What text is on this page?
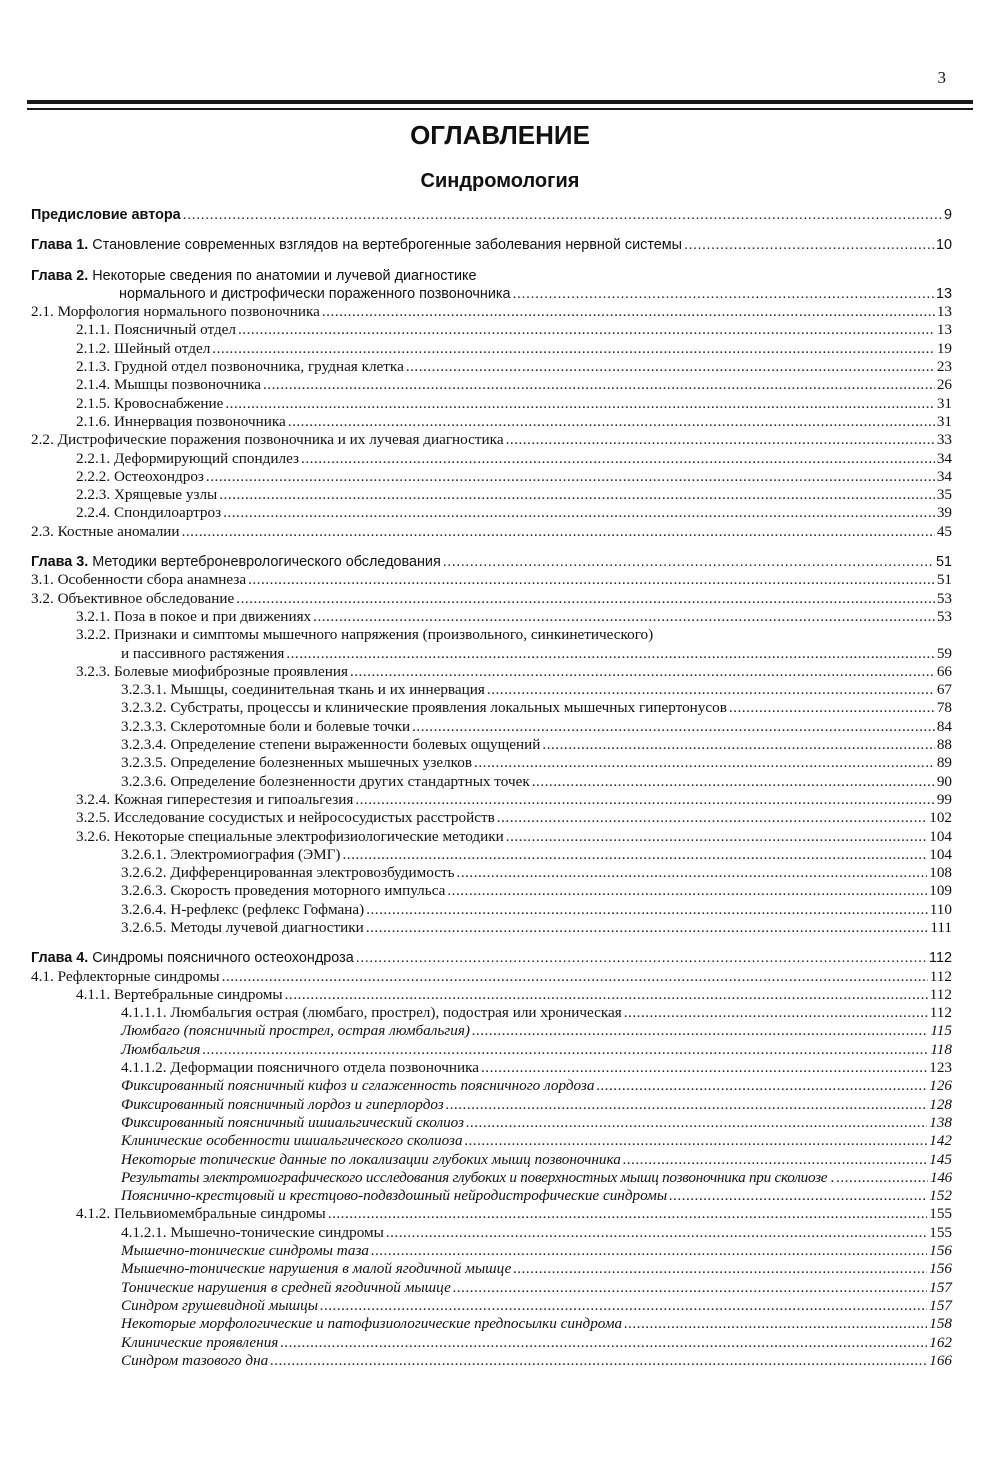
3
ОГЛАВЛЕНИЕ
Синдромология
Предисловие автора .....	9
Глава 1. Становление современных взглядов на вертеброгенные заболевания нервной системы .....	10
Глава 2. Некоторые сведения по анатомии и лучевой диагностике
нормального и дистрофически пораженного позвоночника .....	13
2.1. Морфология нормального позвоночника .....	13
2.1.1. Поясничный отдел .....	13
2.1.2. Шейный отдел .....	19
2.1.3. Грудной отдел позвоночника, грудная клетка .....	23
2.1.4. Мышцы позвоночника .....	26
2.1.5. Кровоснабжение .....	31
2.1.6. Иннервация позвоночника .....	31
2.2. Дистрофические поражения позвоночника и их лучевая диагностика .....	33
2.2.1. Деформирующий спондилез .....	34
2.2.2. Остеохондроз .....	34
2.2.3. Хрящевые узлы .....	35
2.2.4. Спондилоартроз .....	39
2.3. Костные аномалии .....	45
Глава 3. Методики вертеброневрологического обследования .....	51
3.1. Особенности сбора анамнеза .....	51
3.2. Объективное обследование .....	53
3.2.1. Поза в покое и при движениях .....	53
3.2.2. Признаки и симптомы мышечного напряжения (произвольного, синкинетического)
и пассивного растяжения .....	59
3.2.3. Болевые миофиброзные проявления .....	66
3.2.3.1. Мышцы, соединительная ткань и их иннервация .....	67
3.2.3.2. Субстраты, процессы и клинические проявления локальных мышечных гипертонусов .....	78
3.2.3.3. Склеротомные боли и болевые точки .....	84
3.2.3.4. Определение степени выраженности болевых ощущений .....	88
3.2.3.5. Определение болезненных мышечных узелков .....	89
3.2.3.6. Определение болезненности других стандартных точек .....	90
3.2.4. Кожная гиперестезия и гипоальгезия .....	99
3.2.5. Исследование сосудистых и нейрососудистых расстройств .....	102
3.2.6. Некоторые специальные электрофизиологические методики .....	104
3.2.6.1. Электромиография (ЭМГ) .....	104
3.2.6.2. Дифференцированная электровозбудимость .....	108
3.2.6.3. Скорость проведения моторного импульса .....	109
3.2.6.4. Н-рефлекс (рефлекс Гофмана) .....	110
3.2.6.5. Методы лучевой диагностики .....	111
Глава 4. Синдромы поясничного остеохондроза .....	112
4.1. Рефлекторные синдромы .....	112
4.1.1. Вертебральные синдромы .....	112
4.1.1.1. Люмбальгия острая (люмбаго, прострел), подострая или хроническая .....	112
Люмбаго (поясничный прострел, острая люмбальгия) .....	115
Люмбальгия .....	118
4.1.1.2. Деформации поясничного отдела позвоночника .....	123
Фиксированный поясничный кифоз и сглаженность поясничного лордоза .....	126
Фиксированный поясничный лордоз и гиперлордоз .....	128
Фиксированный поясничный ишиальгический сколиоз .....	138
Клинические особенности ишиальгического сколиоза .....	142
Некоторые топические данные по локализации глубоких мышц позвоночника .....	145
Результаты электромиографического исследования глубоких и поверхностных мышц позвоночника при сколиозе . .....	146
Пояснично-крестцовый и крестцово-подвздошный нейродистрофические синдромы .....	152
4.1.2. Пельвиомембральные синдромы .....	155
4.1.2.1. Мышечно-тонические синдромы .....	155
Мышечно-тонические синдромы таза .....	156
Мышечно-тонические нарушения в малой ягодичной мышце .....	156
Тонические нарушения в средней ягодичной мышце .....	157
Синдром грушевидной мышцы .....	157
Некоторые морфологические и патофизиологические предпосылки синдрома .....	158
Клинические проявления .....	162
Синдром тазового дна .....	166
